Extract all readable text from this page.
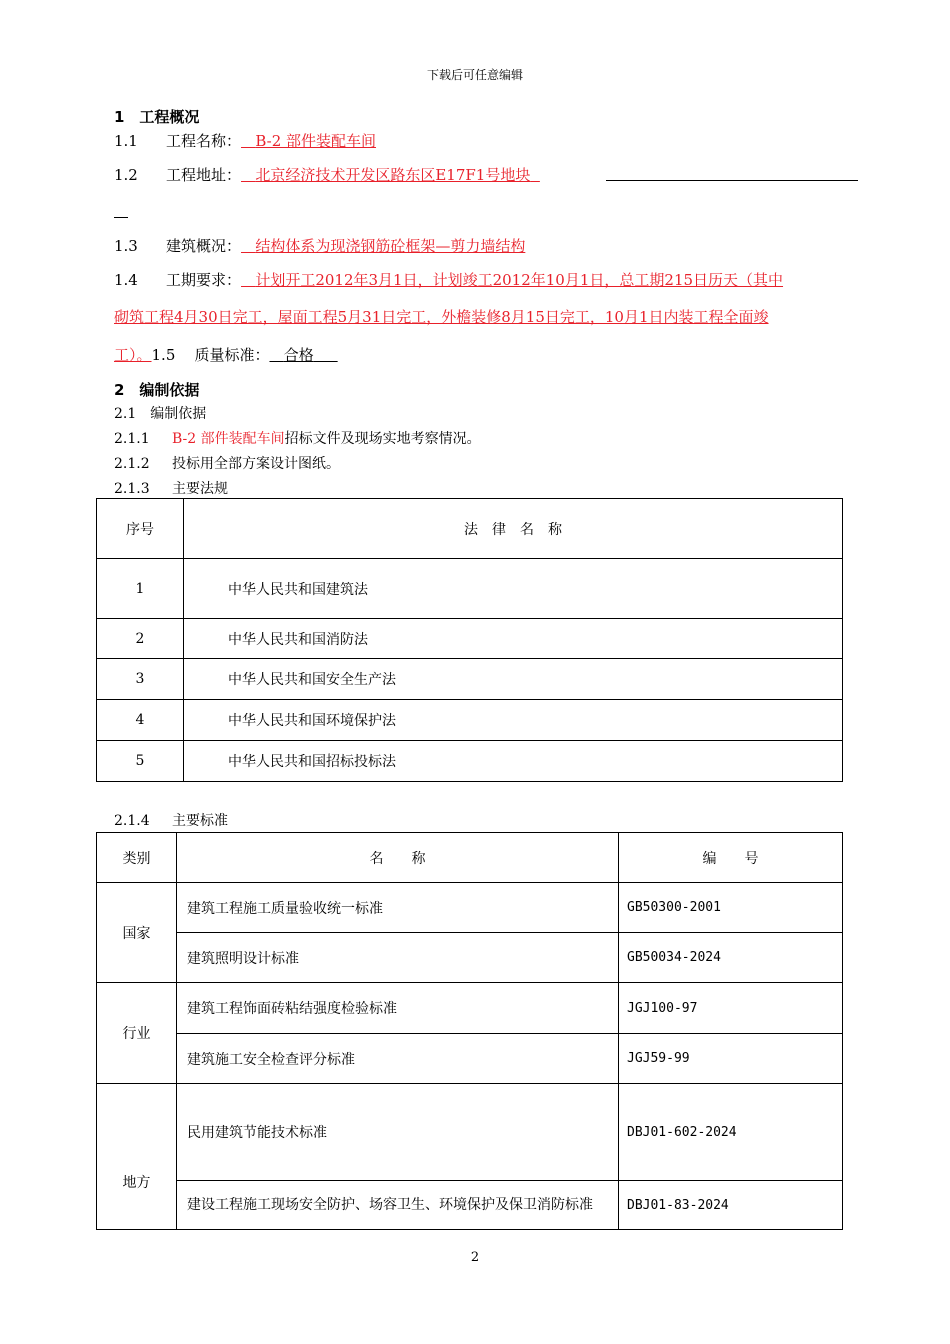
下载后可任意编辑
1　工程概况
1.1 工程名称： B-2 部件装配车间
1.2 工程地址： 北京经济技术开发区路东区E17F1号地块
1.3 建筑概况： 结构体系为现浇钢筋砼框架—剪力墙结构
1.4 工期要求： 计划开工2012年3月1日，计划竣工2012年10月1日，总工期215日历天（其中
砌筑工程4月30日完工，屋面工程5月31日完工，外檐装修8月15日完工，10月1日内装工程全面竣
工）。1.5 质量标准： 合格
2　编制依据
2.1　编制依据
2.1.1 B-2 部件装配车间招标文件及现场实地考察情况。
2.1.2 投标用全部方案设计图纸。
2.1.3 主要法规
序号	法　律　名　称
1	中华人民共和国建筑法
2	中华人民共和国消防法
3	中华人民共和国安全生产法
4	中华人民共和国环境保护法
5	中华人民共和国招标投标法
2.1.4 主要标准
类别	名　　称	编　　号
国家	建筑工程施工质量验收统一标准	GB50300-2001
	建筑照明设计标准	GB50034-2024
行业	建筑工程饰面砖粘结强度检验标准	JGJ100-97
	建筑施工安全检查评分标准	JGJ59-99
地方	民用建筑节能技术标准	DBJ01-602-2024
	建设工程施工现场安全防护、场容卫生、环境保护及保卫消防标准	DBJ01-83-2024
2
